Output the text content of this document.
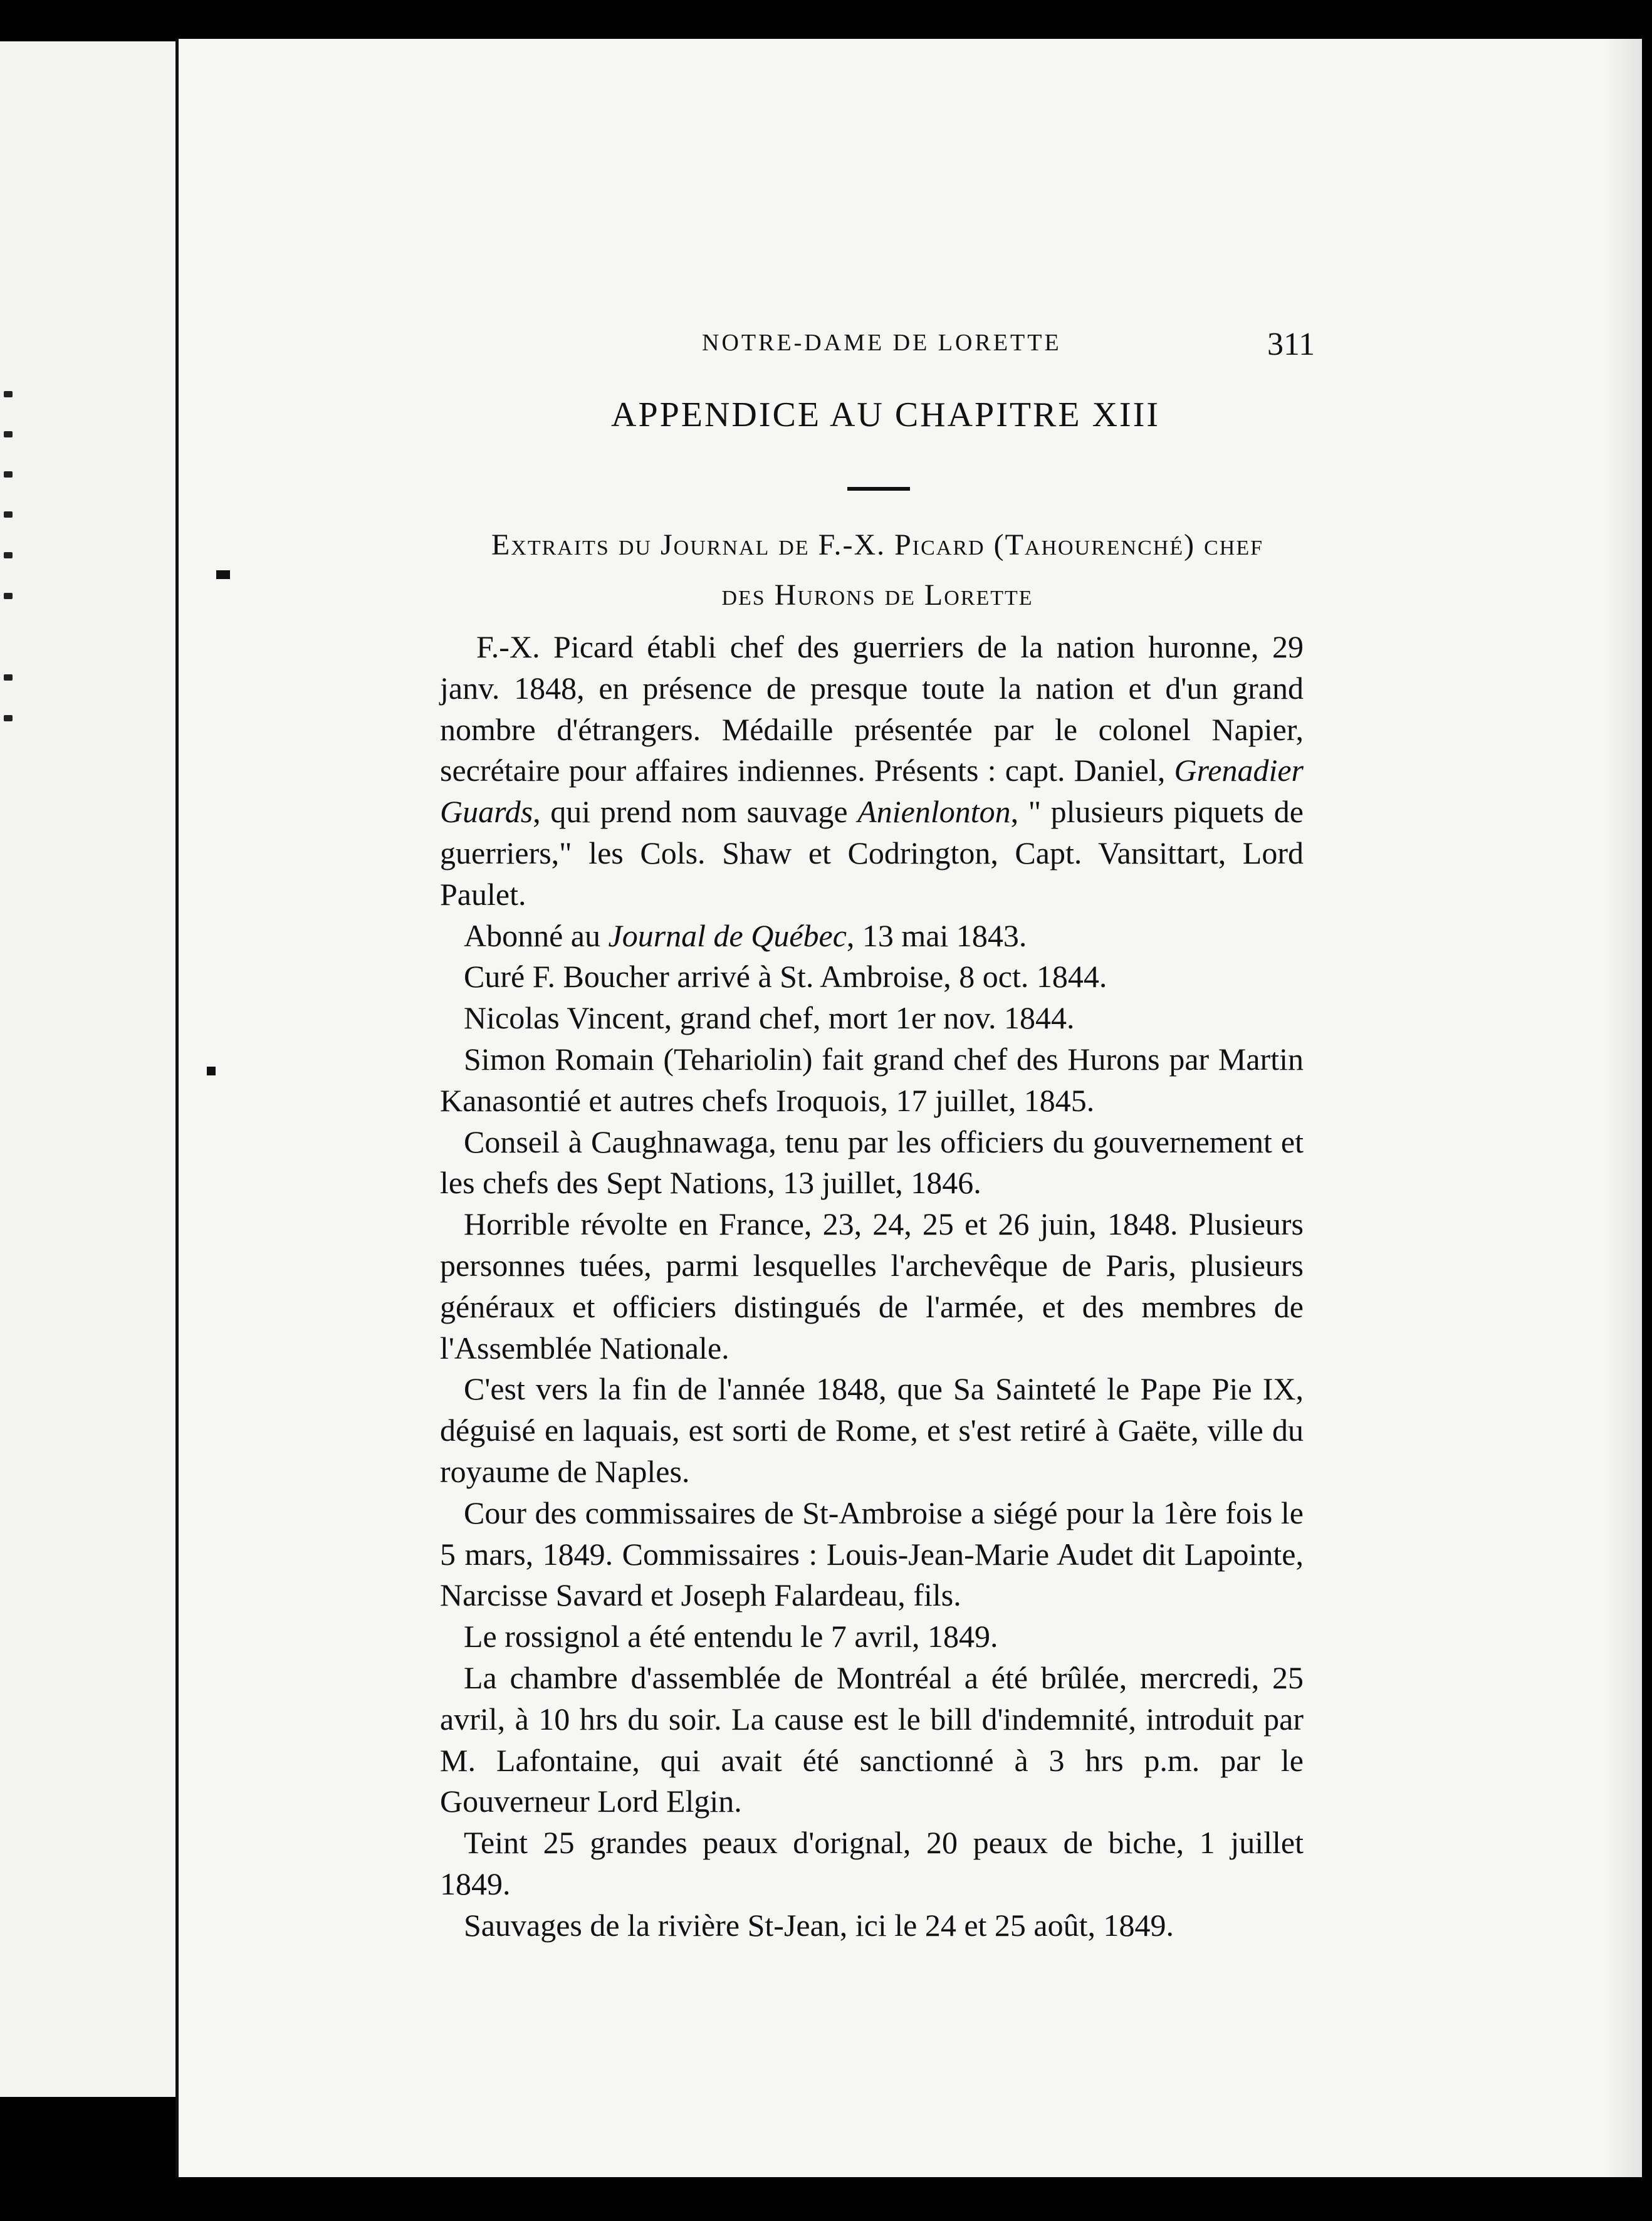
NOTRE-DAME DE LORETTE	311
APPENDICE AU CHAPITRE XIII
Extraits du Journal de F.-X. Picard (Tahourenché) chef
des Hurons de Lorette

F.-X. Picard établi chef des guerriers de la nation huronne, 29 janv. 1848, en présence de presque toute la nation et d'un grand nombre d'étrangers. Médaille présentée par le colonel Napier, secrétaire pour affaires indiennes. Présents : capt. Daniel, Grenadier Guards, qui prend nom sauvage Anienlonton, " plusieurs piquets de guerriers," les Cols. Shaw et Codrington, Capt. Vansittart, Lord Paulet.

Abonné au Journal de Québec, 13 mai 1843.

Curé F. Boucher arrivé à St. Ambroise, 8 oct. 1844.

Nicolas Vincent, grand chef, mort 1er nov. 1844.

Simon Romain (Tehariolin) fait grand chef des Hurons par Martin Kanasontié et autres chefs Iroquois, 17 juillet, 1845.

Conseil à Caughnawaga, tenu par les officiers du gouvernement et les chefs des Sept Nations, 13 juillet, 1846.

Horrible révolte en France, 23, 24, 25 et 26 juin, 1848. Plusieurs personnes tuées, parmi lesquelles l'archevêque de Paris, plusieurs généraux et officiers distingués de l'armée, et des membres de l'Assemblée Nationale.

C'est vers la fin de l'année 1848, que Sa Sainteté le Pape Pie IX, déguisé en laquais, est sorti de Rome, et s'est retiré à Gaëte, ville du royaume de Naples.

Cour des commissaires de St-Ambroise a siégé pour la 1ère fois le 5 mars, 1849. Commissaires : Louis-Jean-Marie Audet dit Lapointe, Narcisse Savard et Joseph Falardeau, fils.

Le rossignol a été entendu le 7 avril, 1849.

La chambre d'assemblée de Montréal a été brûlée, mercredi, 25 avril, à 10 hrs du soir. La cause est le bill d'indemnité, introduit par M. Lafontaine, qui avait été sanctionné à 3 hrs p.m. par le Gouverneur Lord Elgin.

Teint 25 grandes peaux d'orignal, 20 peaux de biche, 1 juillet 1849.

Sauvages de la rivière St-Jean, ici le 24 et 25 août, 1849.
